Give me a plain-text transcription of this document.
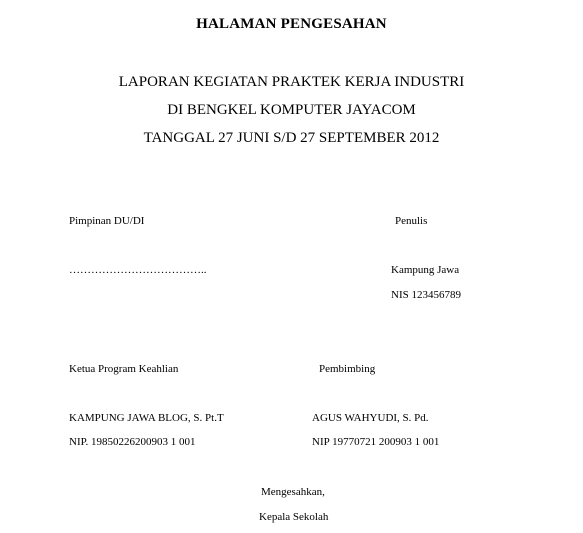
HALAMAN PENGESAHAN
LAPORAN KEGIATAN PRAKTEK KERJA INDUSTRI
DI BENGKEL KOMPUTER JAYACOM
TANGGAL 27 JUNI S/D 27 SEPTEMBER 2012
Pimpinan DU/DI
………………………………..
Penulis
Kampung Jawa
NIS 123456789
Ketua Program Keahlian
KAMPUNG JAWA BLOG, S. Pt.T
NIP. 19850226200903 1 001
Pembimbing
AGUS WAHYUDI, S. Pd.
NIP 19770721 200903 1 001
Mengesahkan,
Kepala Sekolah
